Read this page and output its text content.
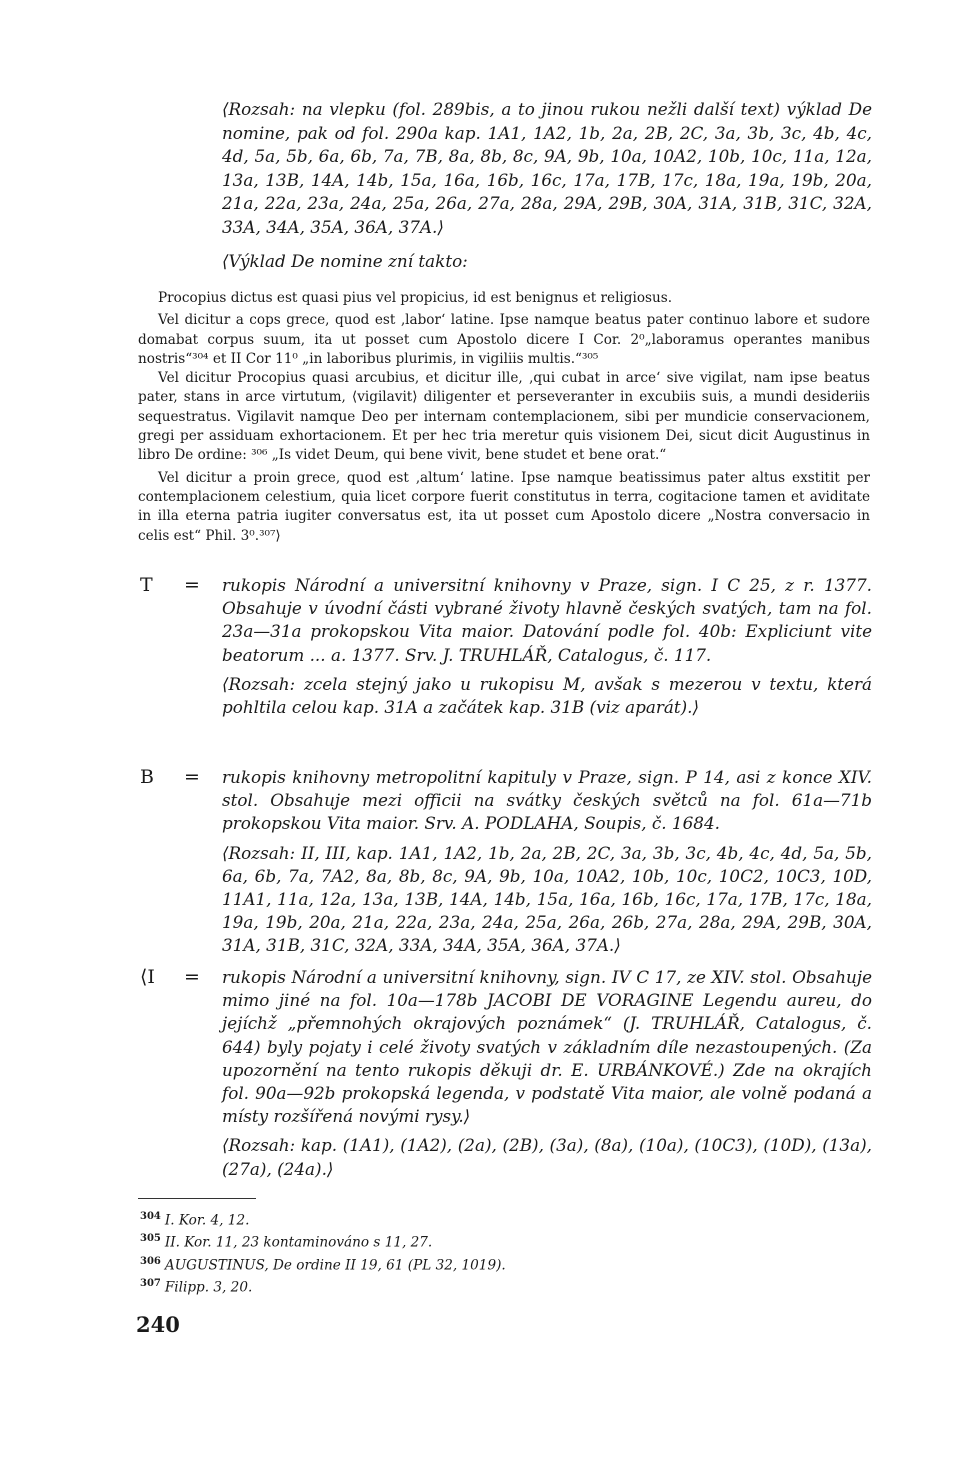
⟨Rozsah: na vlepku (fol. 289bis, a to jinou rukou nežli další text) výklad De nomine, pak od fol. 290a kap. 1A1, 1A2, 1b, 2a, 2B, 2C, 3a, 3b, 3c, 4b, 4c, 4d, 5a, 5b, 6a, 6b, 7a, 7B, 8a, 8b, 8c, 9A, 9b, 10a, 10A2, 10b, 10c, 11a, 12a, 13a, 13B, 14A, 14b, 15a, 16a, 16b, 16c, 17a, 17B, 17c, 18a, 19a, 19b, 20a, 21a, 22a, 23a, 24a, 25a, 26a, 27a, 28a, 29A, 29B, 30A, 31A, 31B, 31C, 32A, 33A, 34A, 35A, 36A, 37A.⟩

⟨Výklad De nomine zní takto:

Procopius dictus est quasi pius vel propicius, id est benignus et religiosus.

Vel dicitur a cops grece, quod est ‚labor‘ latine. Ipse namque beatus pater continuo labore et sudore domabat corpus suum, ita ut posset cum Apostolo dicere I Cor. 2⁰„laboramus operantes manibus nostris“³⁰⁴ et II Cor 11⁰ „in laboribus plurimis, in vigiliis multis.“³⁰⁵

Vel dicitur Procopius quasi arcubius, et dicitur ille, ‚qui cubat in arce‘ sive vigilat, nam ipse beatus pater, stans in arce virtutum, ⟨vigilavit⟩ diligenter et perseveranter in excubiis suis, a mundi desideriis sequestratus. Vigilavit namque Deo per internam contemplacionem, sibi per mundicie conservacionem, gregi per assiduam exhortacionem. Et per hec tria meretur quis visionem Dei, sicut dicit Augustinus in libro De ordine: ³⁰⁶ „Is videt Deum, qui bene vivit, bene studet et bene orat.“

Vel dicitur a proin grece, quod est ‚altum‘ latine. Ipse namque beatissimus pater altus exstitit per contemplacionem celestium, quia licet corpore fuerit constitutus in terra, cogitacione tamen et aviditate in illa eterna patria iugiter conversatus est, ita ut posset cum Apostolo dicere „Nostra conversacio in celis est“ Phil. 3⁰.³⁰⁷⟩

T = rukopis Národní a universitní knihovny v Praze, sign. I C 25, z r. 1377. Obsahuje v úvodní části vybrané životy hlavně českých svatých, tam na fol. 23a—31a prokopskou Vita maior. Datování podle fol. 40b: Expliciunt vite beatorum ... a. 1377. Srv. J. TRUHLÁŘ, Catalogus, č. 117.

⟨Rozsah: zcela stejný jako u rukopisu M, avšak s mezerou v textu, která pohltila celou kap. 31A a začátek kap. 31B (viz aparát).⟩

B = rukopis knihovny metropolitní kapituly v Praze, sign. P 14, asi z konce XIV. stol. Obsahuje mezi officii na svátky českých světců na fol. 61a—71b prokopskou Vita maior. Srv. A. PODLAHA, Soupis, č. 1684.

⟨Rozsah: II, III, kap. 1A1, 1A2, 1b, 2a, 2B, 2C, 3a, 3b, 3c, 4b, 4c, 4d, 5a, 5b, 6a, 6b, 7a, 7A2, 8a, 8b, 8c, 9A, 9b, 10a, 10A2, 10b, 10c, 10C2, 10C3, 10D, 11A1, 11a, 12a, 13a, 13B, 14A, 14b, 15a, 16a, 16b, 16c, 17a, 17B, 17c, 18a, 19a, 19b, 20a, 21a, 22a, 23a, 24a, 25a, 26a, 26b, 27a, 28a, 29A, 29B, 30A, 31A, 31B, 31C, 32A, 33A, 34A, 35A, 36A, 37A.⟩

⟨I = rukopis Národní a universitní knihovny, sign. IV C 17, ze XIV. stol. Obsahuje mimo jiné na fol. 10a—178b JACOBI DE VORAGINE Legendu aureu, do jejíchž „přemnohých okrajových poznámek“ (J. TRUHLÁŘ, Catalogus, č. 644) byly pojaty i celé životy svatých v základním díle nezastoupených. (Za upozornění na tento rukopis děkuji dr. E. URBÁNKOVÉ.) Zde na okrajích fol. 90a—92b prokopská legenda, v podstatě Vita maior, ale volně podaná a místy rozšířená novými rysy.⟩

⟨Rozsah: kap. (1A1), (1A2), (2a), (2B), (3a), (8a), (10a), (10C3), (10D), (13a), (27a), (24a).⟩

$^{304}$ I. Kor. 4, 12.
$^{305}$ II. Kor. 11, 23 kontaminováno s 11, 27.
$^{306}$ AUGUSTINUS, De ordine II 19, 61 (PL 32, 1019).
$^{307}$ Filipp. 3, 20.
240
